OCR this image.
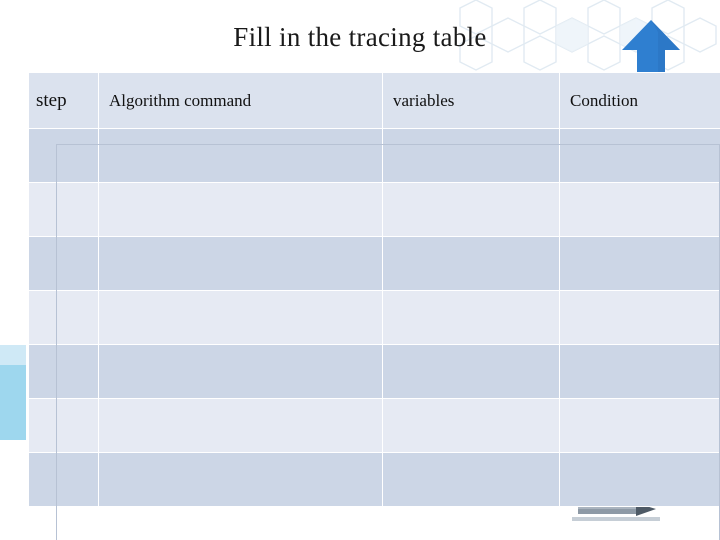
Fill in the tracing table
step	Algorithm command	variables	Condition
